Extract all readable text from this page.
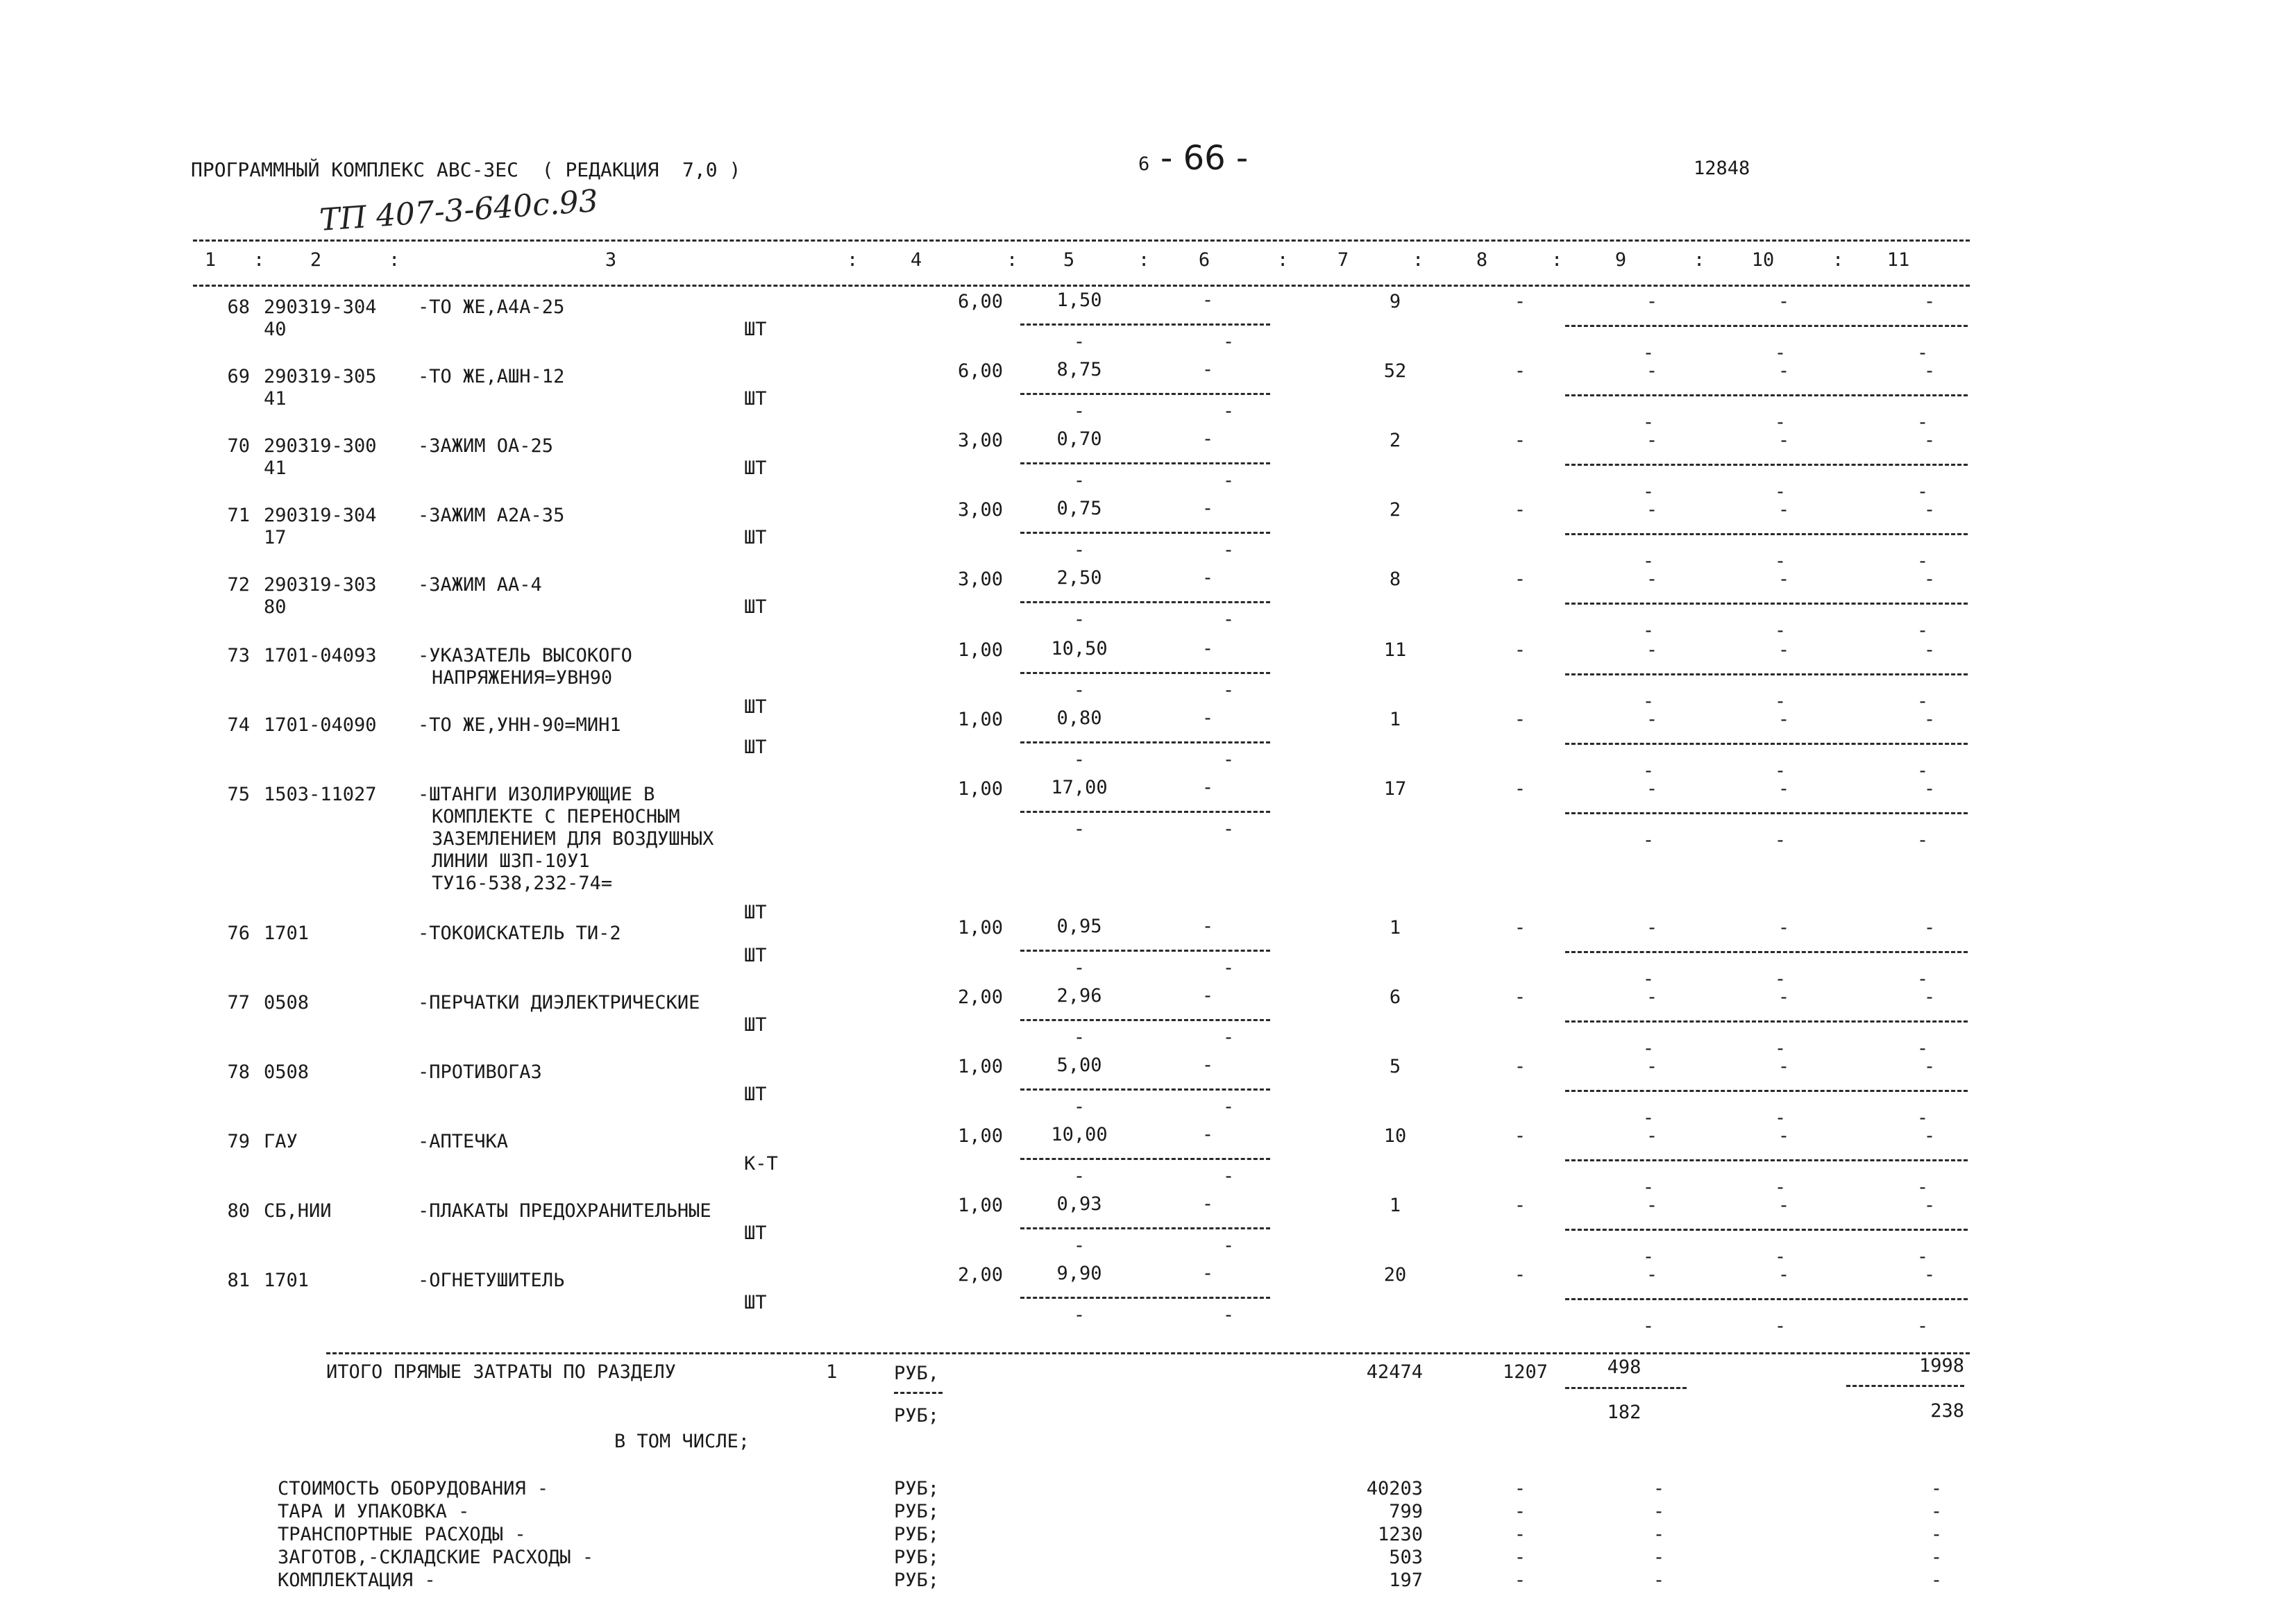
ПРОГРАММНЫЙ КОМПЛЕКС АВС-ЗЕС  ( РЕДАКЦИЯ  7,0 )	6 - 66 -	12848
ТП 407-3-640с.93
1	2	3	4	5	6	7	8	9	10	11
:	:	:	:	:	:	:	:	:	:
68 290319-304
40
-ТО ЖЕ,А4А-25
ШТ
6,00	1,50	-	9	-	-	-	-
-	-
-	-	-
69 290319-305
41
-ТО ЖЕ,АШН-12
ШТ
6,00	8,75	-	52	-	-	-	-
-	-
-	-	-
70 290319-300
41
-ЗАЖИМ ОА-25
ШТ
3,00	0,70	-	2	-	-	-	-
-	-
-	-	-
71 290319-304
17
-ЗАЖИМ А2А-35
ШТ
3,00	0,75	-	2	-	-	-	-
-	-
-	-	-
72 290319-303
80
-ЗАЖИМ АА-4
ШТ
3,00	2,50	-	8	-	-	-	-
-	-
-	-	-
73 1701-04093 -УКАЗАТЕЛЬ ВЫСОКОГО
НАПРЯЖЕНИЯ=УВН90
ШТ
1,00	10,50	-	11	-	-	-	-
-	-
-	-	-
74 1701-04090 -ТО ЖЕ,УНН-90=МИН1
ШТ
1,00	0,80	-	1	-	-	-	-
-	-
-	-	-
75 1503-11027 -ШТАНГИ ИЗОЛИРУЮЩИЕ В
КОМПЛЕКТЕ С ПЕРЕНОСНЫМ
ЗАЗЕМЛЕНИЕМ ДЛЯ ВОЗДУШНЫХ
ЛИНИИ ШЗП-10У1
ТУ16-538,232-74=
ШТ
1,00	17,00	-	17	-	-	-	-
-	-
-	-	-
76 1701	-ТОКОИСКАТЕЛЬ ТИ-2
ШТ
1,00	0,95	-	1	-	-	-	-
-	-
-	-	-
77 0508	-ПЕРЧАТКИ ДИЭЛЕКТРИЧЕСКИЕ
ШТ
2,00	2,96	-	6	-	-	-	-
-	-
-	-	-
78 0508	-ПРОТИВОГАЗ
ШТ
1,00	5,00	-	5	-	-	-	-
-	-
-	-	-
79 ГАУ	-АПТЕЧКА
К-Т
1,00	10,00	-	10	-	-	-	-
-	-
-	-	-
80 СБ,НИИ	-ПЛАКАТЫ ПРЕДОХРАНИТЕЛЬНЫЕ
ШТ
1,00	0,93	-	1	-	-	-	-
-	-
-	-	-
81 1701	-ОГНЕТУШИТЕЛЬ
ШТ
2,00	9,90	-	20	-	-	-	-
-	-
-	-	-
ИТОГО ПРЯМЫЕ ЗАТРАТЫ ПО РАЗДЕЛУ	1	РУБ,	42474	1207	498	1998
РУБ;	182	238
В ТОМ ЧИСЛЕ;
СТОИМОСТЬ ОБОРУДОВАНИЯ -	РУБ;	40203	-	-	-
ТАРА И УПАКОВКА -	РУБ;	799	-	-	-
ТРАНСПОРТНЫЕ РАСХОДЫ -	РУБ;	1230	-	-	-
ЗАГОТОВ,-СКЛАДСКИЕ РАСХОДЫ -	РУБ;	503	-	-	-
КОМПЛЕКТАЦИЯ -	РУБ;	197	-	-	-
